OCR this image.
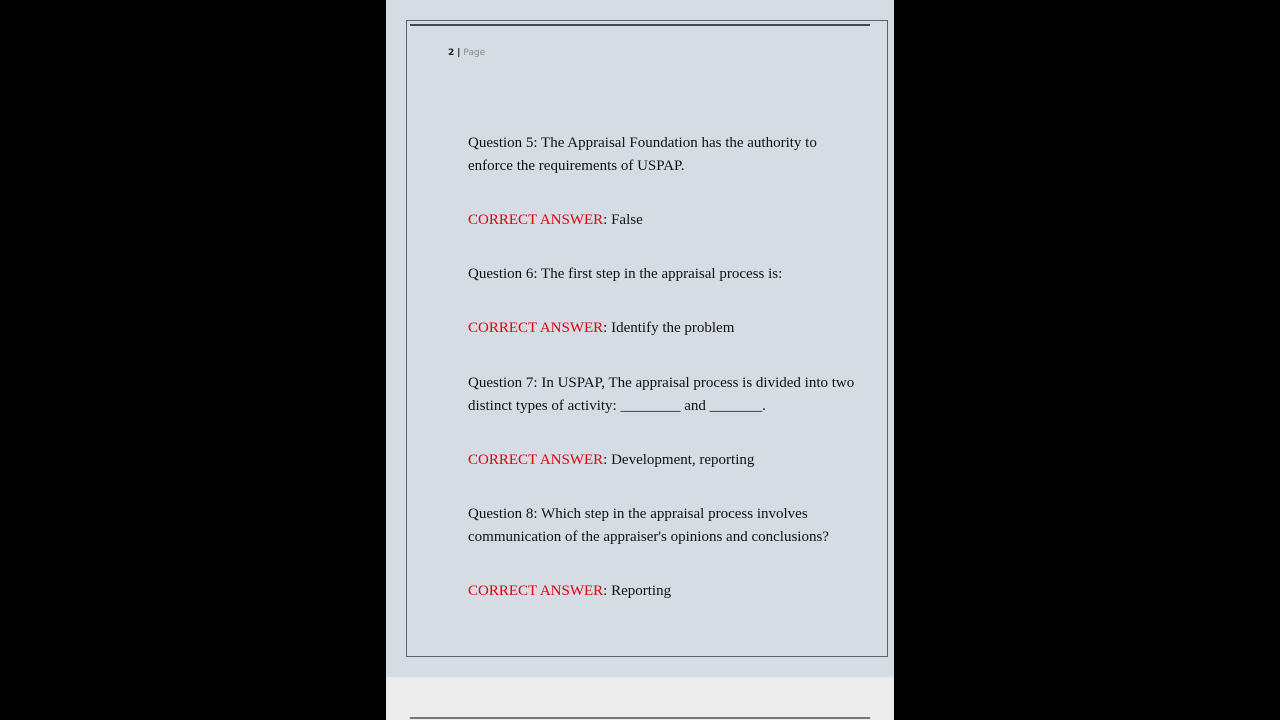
2 | Page
Question 5: The Appraisal Foundation has the authority to
enforce the requirements of USPAP.
CORRECT ANSWER: False
Question 6: The first step in the appraisal process is:
CORRECT ANSWER: Identify the problem
Question 7: In USPAP, The appraisal process is divided into two
distinct types of activity: ________ and _______.
CORRECT ANSWER: Development, reporting
Question 8: Which step in the appraisal process involves
communication of the appraiser's opinions and conclusions?
CORRECT ANSWER: Reporting
